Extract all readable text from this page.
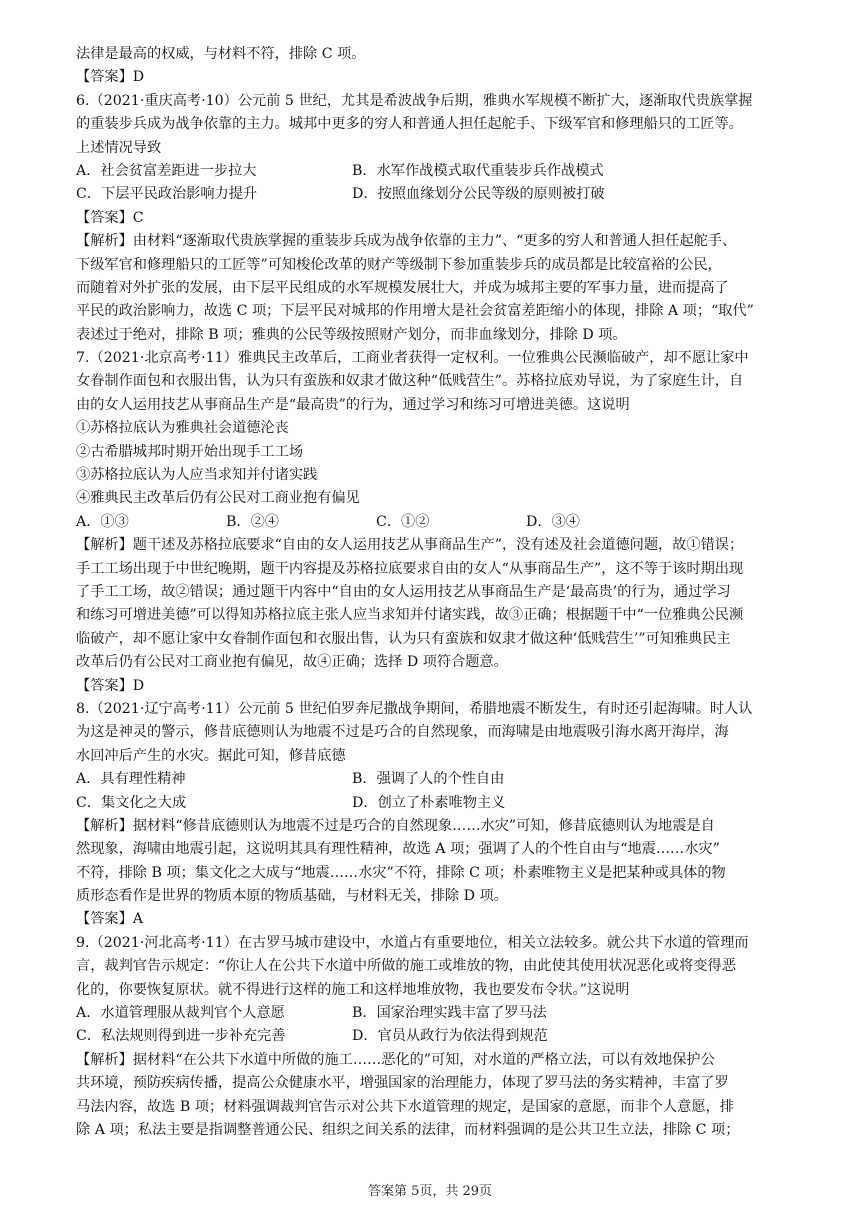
法律是最高的权威，与材料不符，排除 C 项。
【答案】D
6.（2021·重庆高考·10）公元前 5 世纪，尤其是希波战争后期，雅典水军规模不断扩大，逐渐取代贵族掌握
的重装步兵成为战争依靠的主力。城邦中更多的穷人和普通人担任起舵手、下级军官和修理船只的工匠等。
上述情况导致
A．社会贫富差距进一步拉大	B．水军作战模式取代重装步兵作战模式
C．下层平民政治影响力提升	D．按照血缘划分公民等级的原则被打破
【答案】C
【解析】由材料“逐渐取代贵族掌握的重装步兵成为战争依靠的主力”、“更多的穷人和普通人担任起舵手、
下级军官和修理船只的工匠等”可知梭伦改革的财产等级制下参加重装步兵的成员都是比较富裕的公民，
而随着对外扩张的发展，由下层平民组成的水军规模发展壮大，并成为城邦主要的军事力量，进而提高了
平民的政治影响力，故选 C 项；下层平民对城邦的作用增大是社会贫富差距缩小的体现，排除 A 项；“取代”
表述过于绝对，排除 B 项；雅典的公民等级按照财产划分，而非血缘划分，排除 D 项。
7.（2021·北京高考·11）雅典民主改革后，工商业者获得一定权利。一位雅典公民濒临破产，却不愿让家中
女眷制作面包和衣服出售，认为只有蛮族和奴隶才做这种“低贱营生”。苏格拉底劝导说，为了家庭生计，自
由的女人运用技艺从事商品生产是“最高贵”的行为，通过学习和练习可增进美德。这说明
①苏格拉底认为雅典社会道德沦丧
②古希腊城邦时期开始出现手工工场
③苏格拉底认为人应当求知并付诸实践
④雅典民主改革后仍有公民对工商业抱有偏见
A．①③	B．②④	C．①②	D．③④
【解析】题干述及苏格拉底要求“自由的女人运用技艺从事商品生产”，没有述及社会道德问题，故①错误；
手工工场出现于中世纪晚期，题干内容提及苏格拉底要求自由的女人“从事商品生产”，这不等于该时期出现
了手工工场，故②错误；通过题干内容中“自由的女人运用技艺从事商品生产是‘最高贵’的行为，通过学习
和练习可增进美德”可以得知苏格拉底主张人应当求知并付诸实践，故③正确；根据题干中“一位雅典公民濒
临破产，却不愿让家中女眷制作面包和衣服出售，认为只有蛮族和奴隶才做这种‘低贱营生’”可知雅典民主
改革后仍有公民对工商业抱有偏见，故④正确；选择 D 项符合题意。
【答案】D
8.（2021·辽宁高考·11）公元前 5 世纪伯罗奔尼撒战争期间，希腊地震不断发生，有时还引起海啸。时人认
为这是神灵的警示，修昔底德则认为地震不过是巧合的自然现象，而海啸是由地震吸引海水离开海岸，海
水回冲后产生的水灾。据此可知，修昔底德
A．具有理性精神	B．强调了人的个性自由
C．集文化之大成	D．创立了朴素唯物主义
【解析】据材料“修昔底德则认为地震不过是巧合的自然现象……水灾”可知，修昔底德则认为地震是自
然现象，海啸由地震引起，这说明其具有理性精神，故选 A 项；强调了人的个性自由与“地震……水灾”
不符，排除 B 项；集文化之大成与“地震……水灾”不符，排除 C 项；朴素唯物主义是把某种或具体的物
质形态看作是世界的物质本原的物质基础，与材料无关，排除 D 项。
【答案】A
9.（2021·河北高考·11）在古罗马城市建设中，水道占有重要地位，相关立法较多。就公共下水道的管理而
言，裁判官告示规定：“你让人在公共下水道中所做的施工或堆放的物，由此使其使用状况恶化或将变得恶
化的，你要恢复原状。就不得进行这样的施工和这样地堆放物，我也要发布令状。”这说明
A．水道管理服从裁判官个人意愿	B．国家治理实践丰富了罗马法
C．私法规则得到进一步补充完善	D．官员从政行为依法得到规范
【解析】据材料“在公共下水道中所做的施工……恶化的”可知，对水道的严格立法，可以有效地保护公
共环境，预防疾病传播，提高公众健康水平，增强国家的治理能力，体现了罗马法的务实精神，丰富了罗
马法内容，故选 B 项；材料强调裁判官告示对公共下水道管理的规定，是国家的意愿，而非个人意愿，排
除 A 项；私法主要是指调整普通公民、组织之间关系的法律，而材料强调的是公共卫生立法，排除 C 项；
答案第 5页，共 29页
